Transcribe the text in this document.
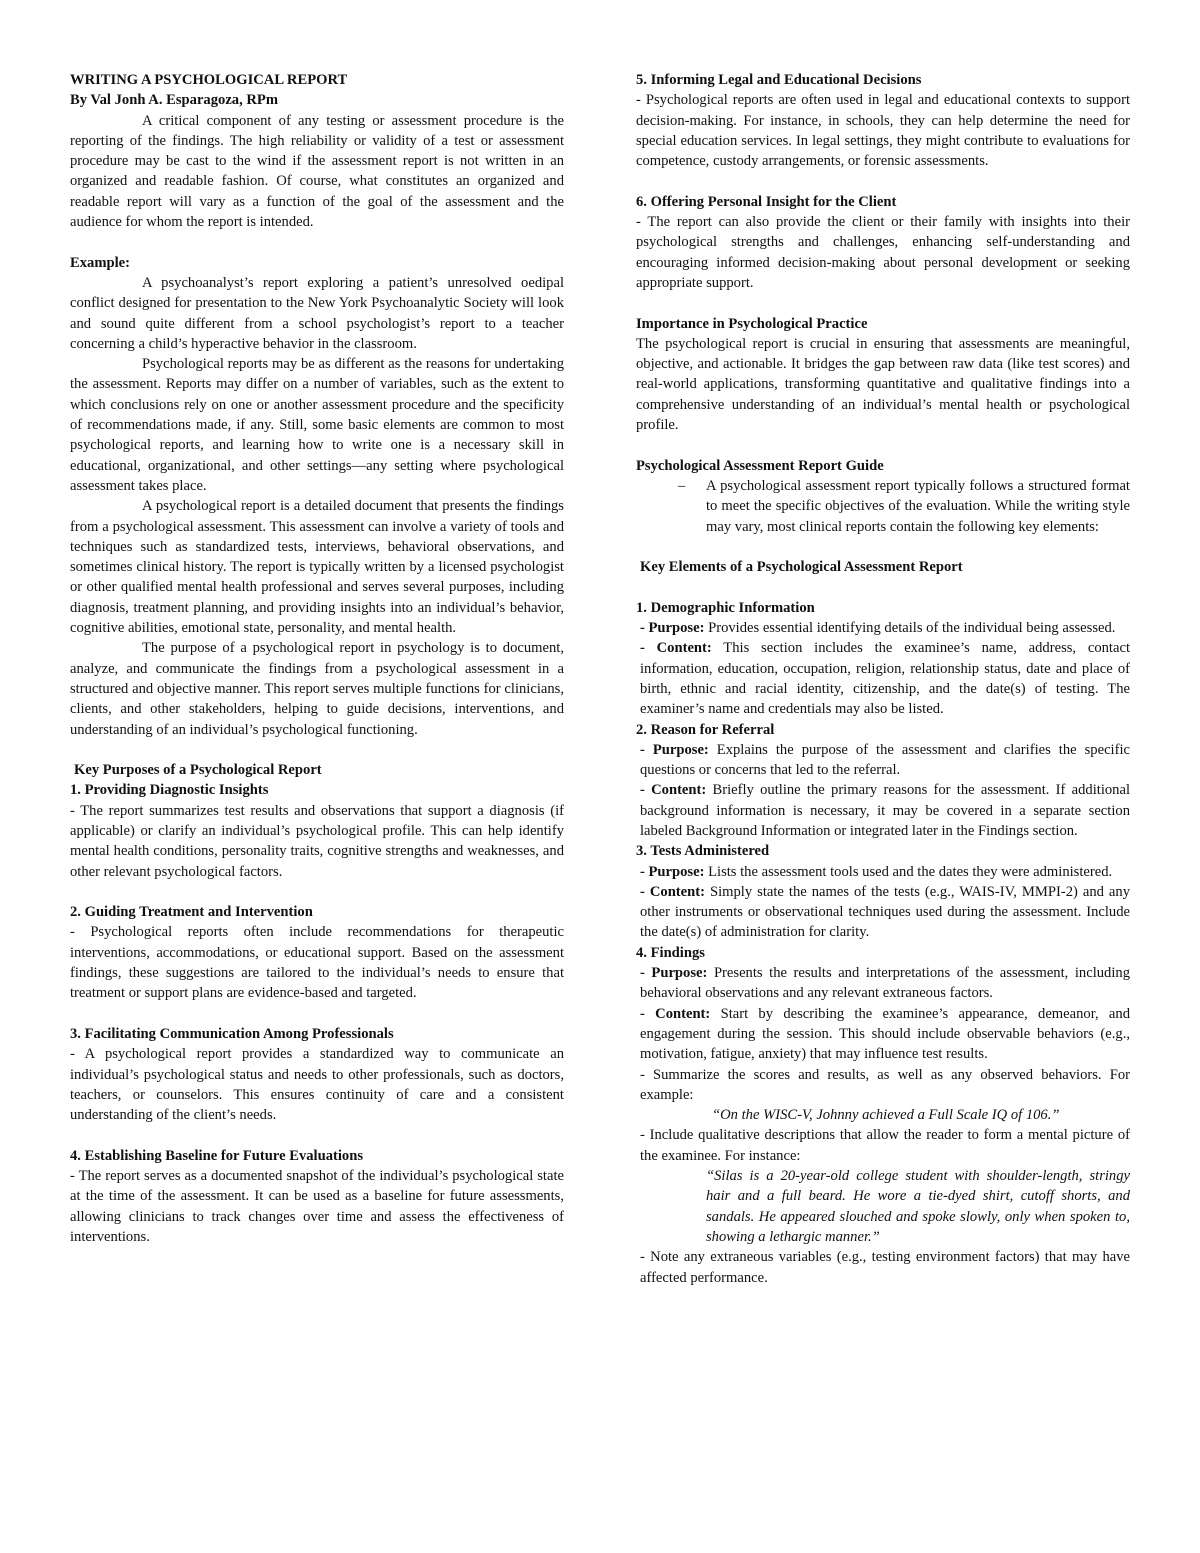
WRITING A PSYCHOLOGICAL REPORT

By Val Jonh A. Esparagoza, RPm

A critical component of any testing or assessment procedure is the reporting of the findings. The high reliability or validity of a test or assessment procedure may be cast to the wind if the assessment report is not written in an organized and readable fashion. Of course, what constitutes an organized and readable report will vary as a function of the goal of the assessment and the audience for whom the report is intended.

Example:

A psychoanalyst’s report exploring a patient’s unresolved oedipal conflict designed for presentation to the New York Psychoanalytic Society will look and sound quite different from a school psychologist’s report to a teacher concerning a child’s hyperactive behavior in the classroom.

Psychological reports may be as different as the reasons for undertaking the assessment. Reports may differ on a number of variables, such as the extent to which conclusions rely on one or another assessment procedure and the specificity of recommendations made, if any. Still, some basic elements are common to most psychological reports, and learning how to write one is a necessary skill in educational, organizational, and other settings—any setting where psychological assessment takes place.

A psychological report is a detailed document that presents the findings from a psychological assessment. This assessment can involve a variety of tools and techniques such as standardized tests, interviews, behavioral observations, and sometimes clinical history. The report is typically written by a licensed psychologist or other qualified mental health professional and serves several purposes, including diagnosis, treatment planning, and providing insights into an individual’s behavior, cognitive abilities, emotional state, personality, and mental health.

The purpose of a psychological report in psychology is to document, analyze, and communicate the findings from a psychological assessment in a structured and objective manner. This report serves multiple functions for clinicians, clients, and other stakeholders, helping to guide decisions, interventions, and understanding of an individual’s psychological functioning.

Key Purposes of a Psychological Report

1. Providing Diagnostic Insights

- The report summarizes test results and observations that support a diagnosis (if applicable) or clarify an individual’s psychological profile. This can help identify mental health conditions, personality traits, cognitive strengths and weaknesses, and other relevant psychological factors.

2. Guiding Treatment and Intervention

- Psychological reports often include recommendations for therapeutic interventions, accommodations, or educational support. Based on the assessment findings, these suggestions are tailored to the individual’s needs to ensure that treatment or support plans are evidence-based and targeted.

3. Facilitating Communication Among Professionals

- A psychological report provides a standardized way to communicate an individual’s psychological status and needs to other professionals, such as doctors, teachers, or counselors. This ensures continuity of care and a consistent understanding of the client’s needs.

4. Establishing Baseline for Future Evaluations

- The report serves as a documented snapshot of the individual’s psychological state at the time of the assessment. It can be used as a baseline for future assessments, allowing clinicians to track changes over time and assess the effectiveness of interventions.

5. Informing Legal and Educational Decisions

- Psychological reports are often used in legal and educational contexts to support decision-making. For instance, in schools, they can help determine the need for special education services. In legal settings, they might contribute to evaluations for competence, custody arrangements, or forensic assessments.

6. Offering Personal Insight for the Client

- The report can also provide the client or their family with insights into their psychological strengths and challenges, enhancing self-understanding and encouraging informed decision-making about personal development or seeking appropriate support.

Importance in Psychological Practice

The psychological report is crucial in ensuring that assessments are meaningful, objective, and actionable. It bridges the gap between raw data (like test scores) and real-world applications, transforming quantitative and qualitative findings into a comprehensive understanding of an individual’s mental health or psychological profile.

Psychological Assessment Report Guide

–	A psychological assessment report typically follows a structured format to meet the specific objectives of the evaluation. While the writing style may vary, most clinical reports contain the following key elements:

Key Elements of a Psychological Assessment Report

1. Demographic Information

- Purpose: Provides essential identifying details of the individual being assessed.

- Content: This section includes the examinee’s name, address, contact information, education, occupation, religion, relationship status, date and place of birth, ethnic and racial identity, citizenship, and the date(s) of testing. The examiner’s name and credentials may also be listed.

2. Reason for Referral

- Purpose: Explains the purpose of the assessment and clarifies the specific questions or concerns that led to the referral.

- Content: Briefly outline the primary reasons for the assessment. If additional background information is necessary, it may be covered in a separate section labeled Background Information or integrated later in the Findings section.

3. Tests Administered

- Purpose: Lists the assessment tools used and the dates they were administered.

- Content: Simply state the names of the tests (e.g., WAIS-IV, MMPI-2) and any other instruments or observational techniques used during the assessment. Include the date(s) of administration for clarity.

4. Findings

- Purpose: Presents the results and interpretations of the assessment, including behavioral observations and any relevant extraneous factors.

- Content: Start by describing the examinee’s appearance, demeanor, and engagement during the session. This should include observable behaviors (e.g., motivation, fatigue, anxiety) that may influence test results.

- Summarize the scores and results, as well as any observed behaviors. For example:

“On the WISC-V, Johnny achieved a Full Scale IQ of 106.”

- Include qualitative descriptions that allow the reader to form a mental picture of the examinee. For instance:

“Silas is a 20-year-old college student with shoulder-length, stringy hair and a full beard. He wore a tie-dyed shirt, cutoff shorts, and sandals. He appeared slouched and spoke slowly, only when spoken to, showing a lethargic manner.”

- Note any extraneous variables (e.g., testing environment factors) that may have affected performance.
